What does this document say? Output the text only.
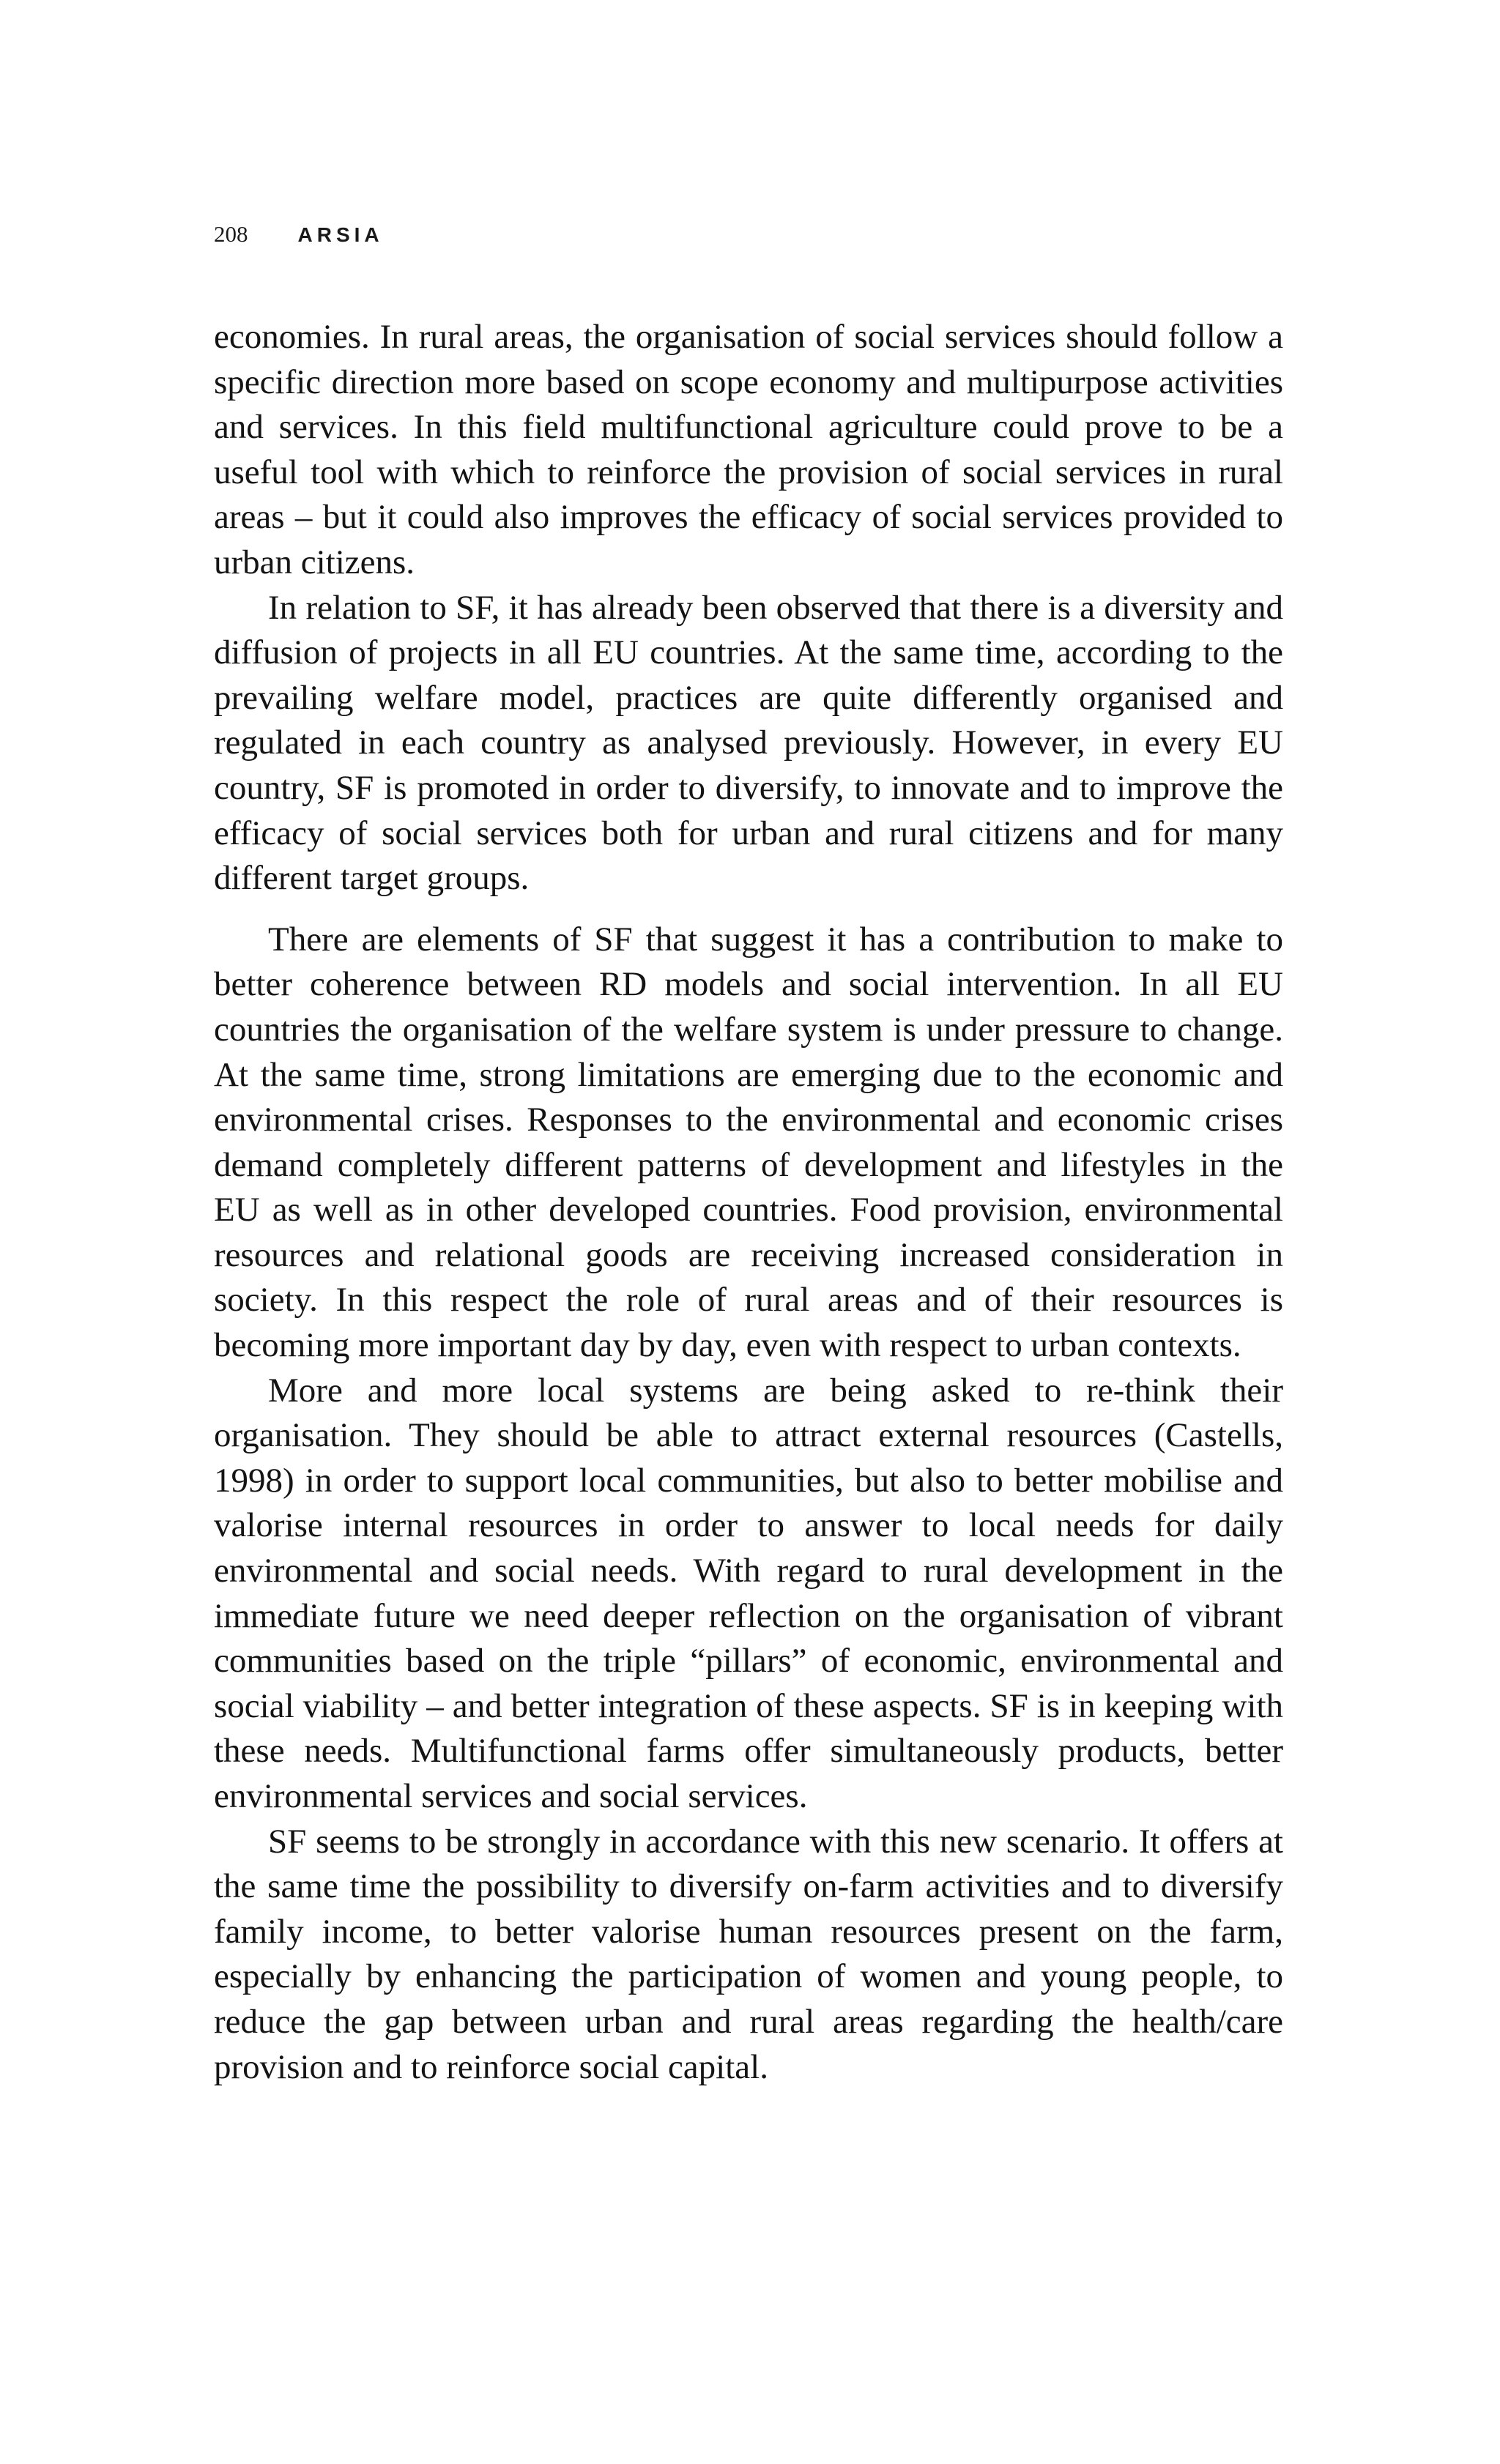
208 ARSIA

economies. In rural areas, the organisation of social services should follow a specific direction more based on scope economy and multipurpose activities and services. In this field multifunctional agriculture could prove to be a useful tool with which to reinforce the provision of social services in rural areas – but it could also improves the efficacy of social services provided to urban citizens.

In relation to SF, it has already been observed that there is a diversity and diffusion of projects in all EU countries. At the same time, according to the prevailing welfare model, practices are quite differently organised and regulated in each country as analysed previously. However, in every EU country, SF is promoted in order to diversify, to innovate and to improve the efficacy of social services both for urban and rural citizens and for many different target groups.

There are elements of SF that suggest it has a contribution to make to better coherence between RD models and social intervention. In all EU countries the organisation of the welfare system is under pressure to change. At the same time, strong limitations are emerging due to the economic and environmental crises. Responses to the environmental and economic crises demand completely different patterns of development and lifestyles in the EU as well as in other developed countries. Food provision, environmental resources and relational goods are receiving increased consideration in society. In this respect the role of rural areas and of their resources is becoming more important day by day, even with respect to urban contexts.

More and more local systems are being asked to re-think their organisation. They should be able to attract external resources (Castells, 1998) in order to support local communities, but also to better mobilise and valorise internal resources in order to answer to local needs for daily environmental and social needs. With regard to rural development in the immediate future we need deeper reflection on the organisation of vibrant communities based on the triple “pillars” of economic, environmental and social viability – and better integration of these aspects. SF is in keeping with these needs. Multifunctional farms offer simultaneously products, better environmental services and social services.

SF seems to be strongly in accordance with this new scenario. It offers at the same time the possibility to diversify on-farm activities and to diversify family income, to better valorise human resources present on the farm, especially by enhancing the participation of women and young people, to reduce the gap between urban and rural areas regarding the health/care provision and to reinforce social capital.
